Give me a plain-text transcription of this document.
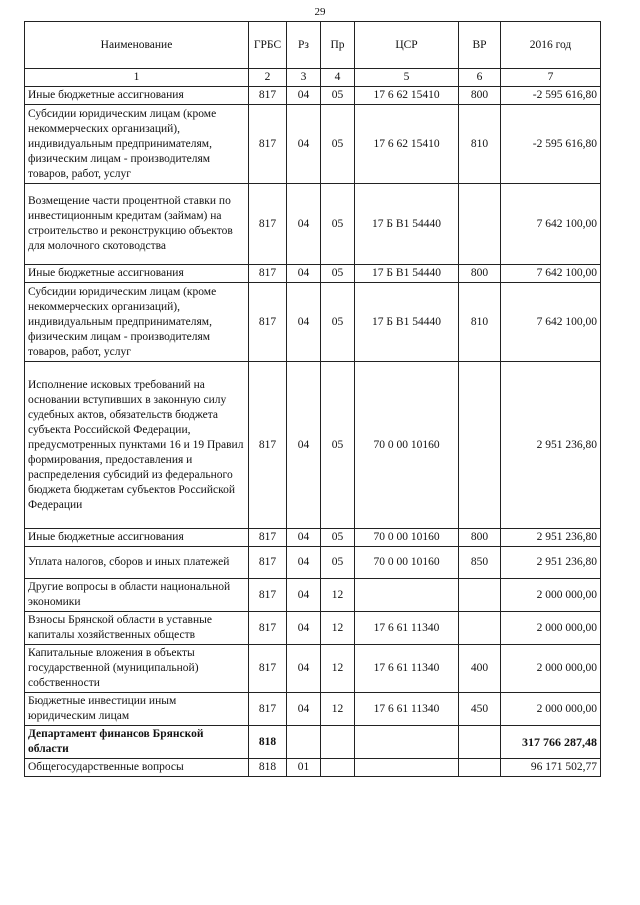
29
Наименование	ГРБС	Рз	Пр	ЦСР	ВР	2016 год
1	2	3	4	5	6	7
Иные бюджетные ассигнования	817	04	05	17 6 62 15410	800	-2 595 616,80
Субсидии юридическим лицам (кроме некоммерческих организаций), индивидуальным предпринимателям, физическим лицам - производителям товаров, работ, услуг	817	04	05	17 6 62 15410	810	-2 595 616,80
Возмещение части процентной ставки по инвестиционным кредитам (займам) на строительство и реконструкцию объектов для молочного скотоводства	817	04	05	17 Б В1 54440		7 642 100,00
Иные бюджетные ассигнования	817	04	05	17 Б В1 54440	800	7 642 100,00
Субсидии юридическим лицам (кроме некоммерческих организаций), индивидуальным предпринимателям, физическим лицам - производителям товаров, работ, услуг	817	04	05	17 Б В1 54440	810	7 642 100,00
Исполнение исковых требований на основании вступивших в законную силу судебных актов, обязательств бюджета субъекта Российской Федерации, предусмотренных пунктами 16 и 19 Правил формирования, предоставления и распределения субсидий из федерального бюджета бюджетам субъектов Российской Федерации	817	04	05	70 0 00 10160		2 951 236,80
Иные бюджетные ассигнования	817	04	05	70 0 00 10160	800	2 951 236,80
Уплата налогов, сборов и иных платежей	817	04	05	70 0 00 10160	850	2 951 236,80
Другие вопросы в области национальной экономики	817	04	12			2 000 000,00
Взносы Брянской области в уставные капиталы хозяйственных обществ	817	04	12	17 6 61 11340		2 000 000,00
Капитальные вложения в объекты государственной (муниципальной) собственности	817	04	12	17 6 61 11340	400	2 000 000,00
Бюджетные инвестиции иным юридическим лицам	817	04	12	17 6 61 11340	450	2 000 000,00
Департамент финансов Брянской области	818					317 766 287,48
Общегосударственные вопросы	818	01				96 171 502,77
